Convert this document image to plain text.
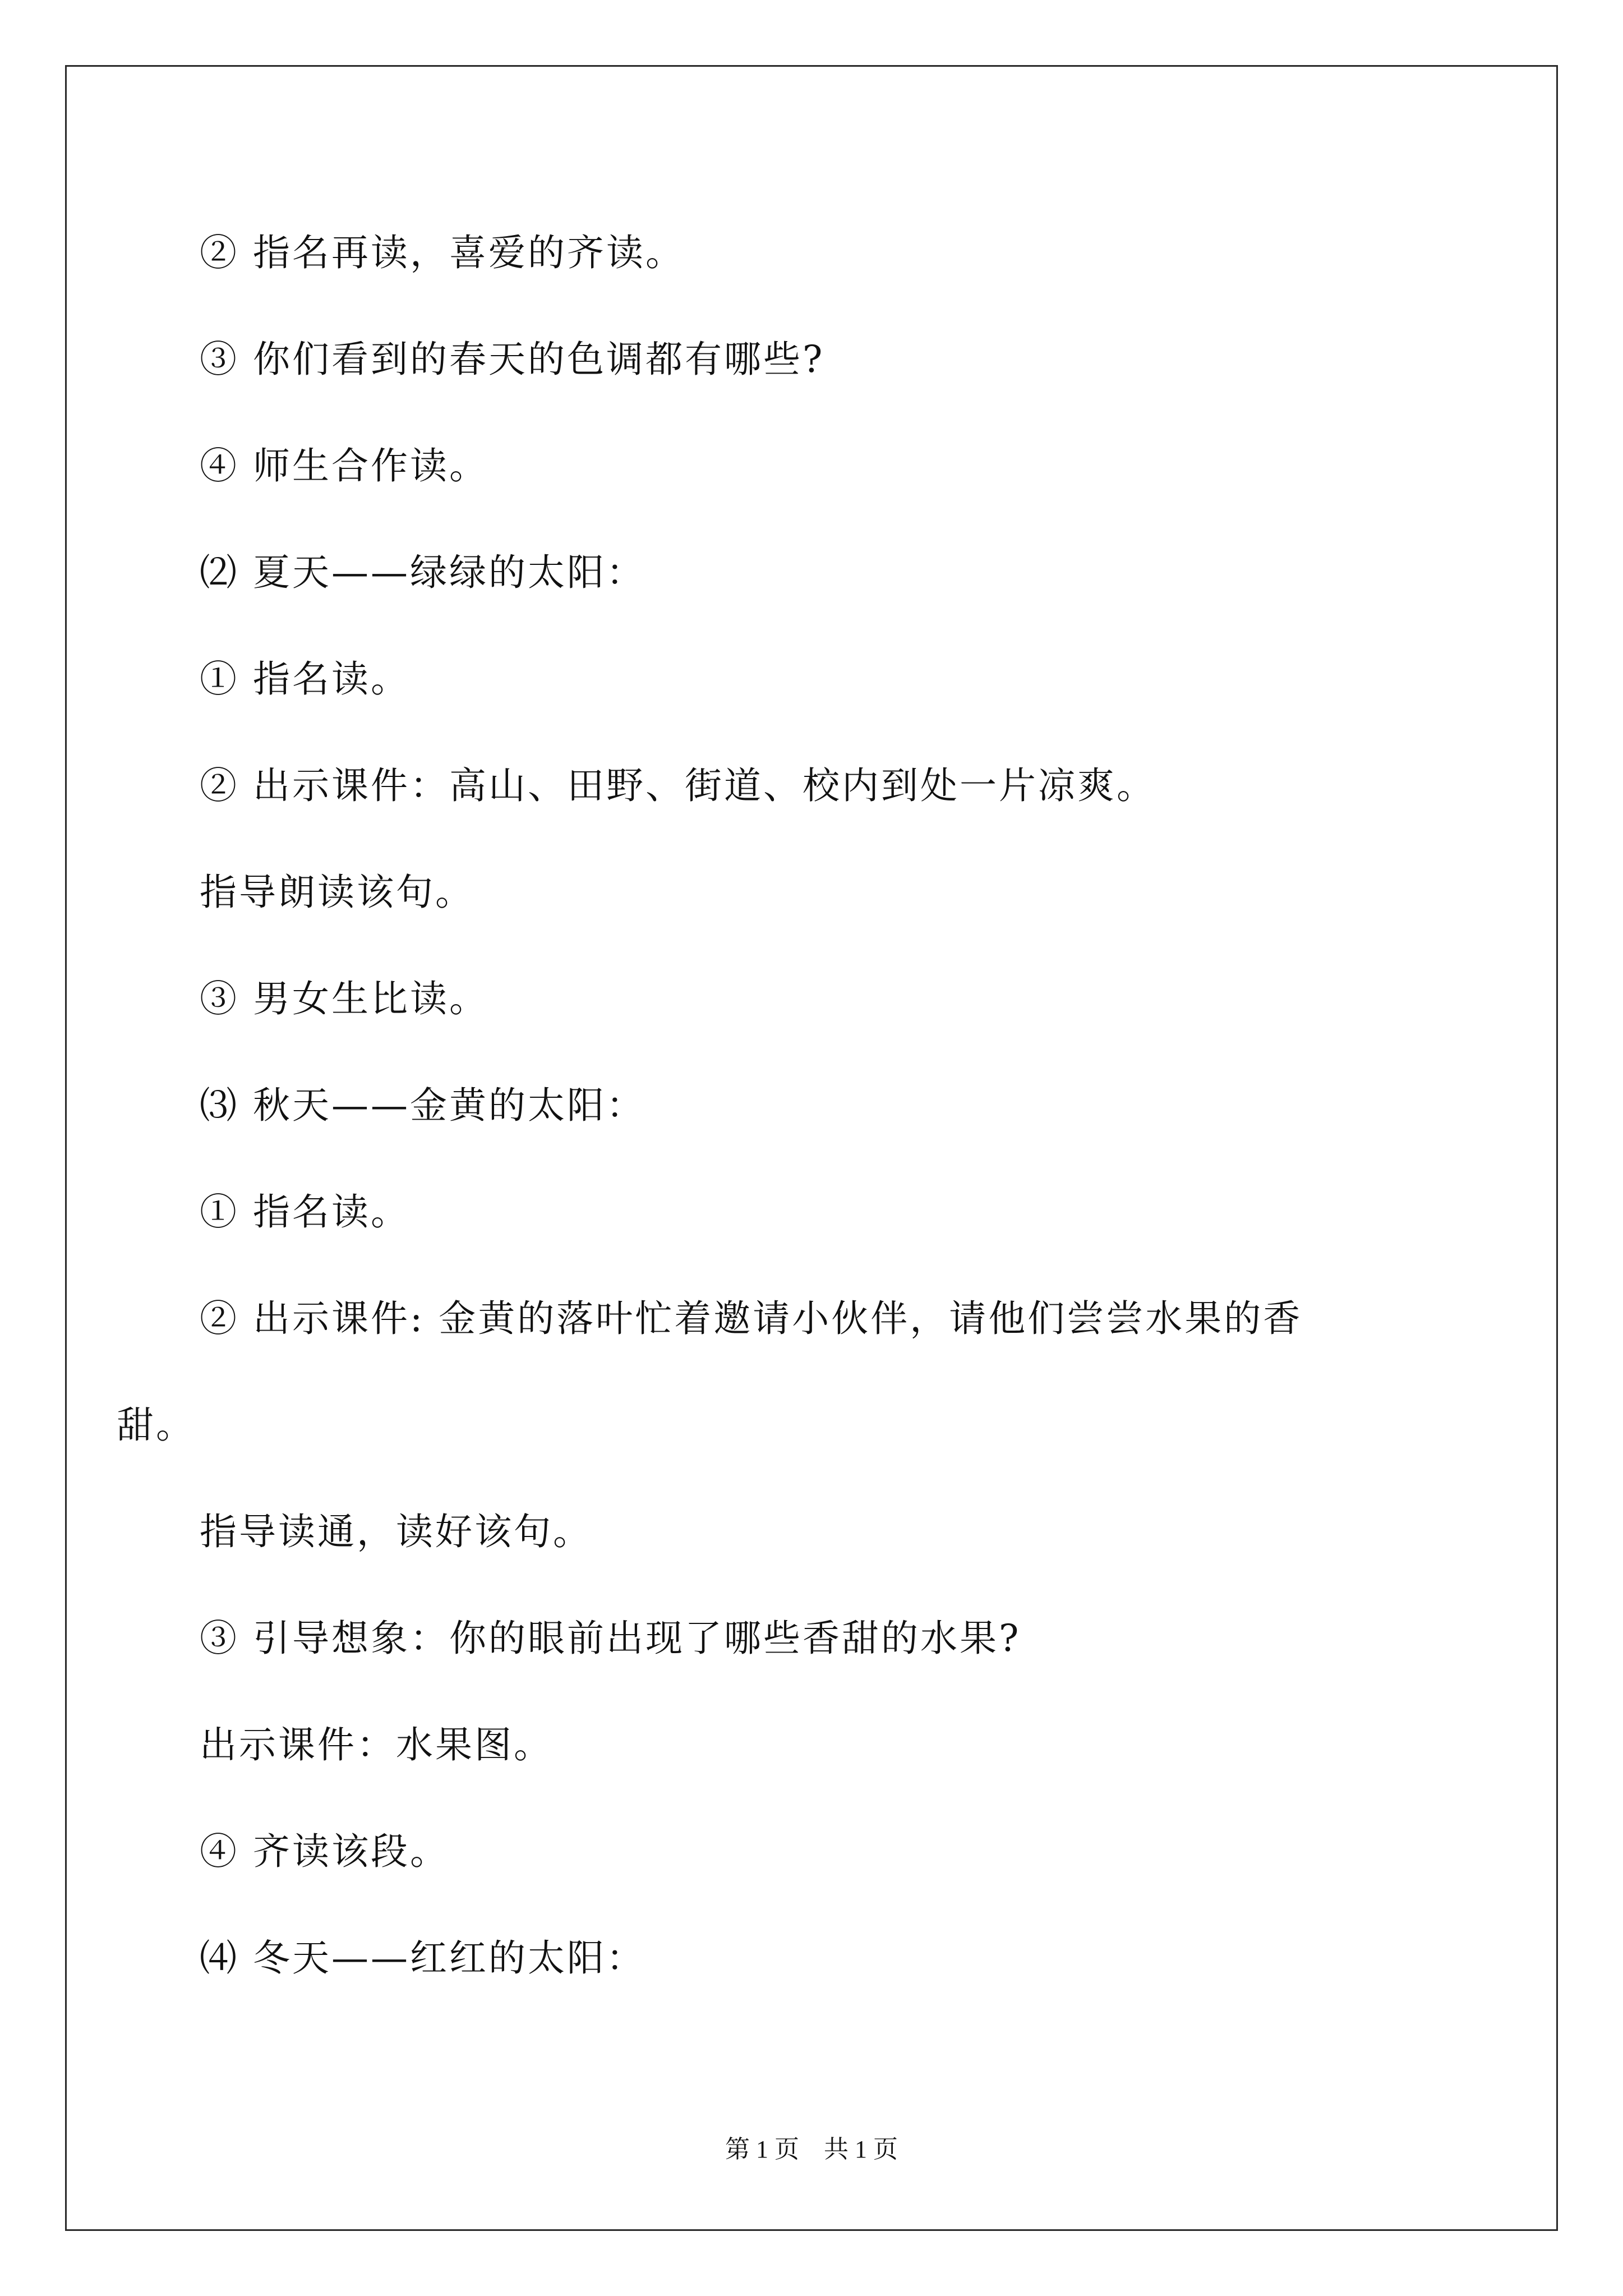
② 指名再读，喜爱的齐读。
③ 你们看到的春天的色调都有哪些?
④ 师生合作读。
⑵ 夏天——绿绿的太阳：
① 指名读。
② 出示课件：高山、田野、街道、校内到处一片凉爽。
指导朗读该句。
③ 男女生比读。
⑶ 秋天——金黄的太阳：
① 指名读。
② 出示课件: 金黄的落叶忙着邀请小伙伴，请他们尝尝水果的香
甜。
指导读通，读好该句。
③ 引导想象：你的眼前出现了哪些香甜的水果?
出示课件：水果图。
④ 齐读该段。
⑷ 冬天——红红的太阳：
第 1 页　共 1 页
